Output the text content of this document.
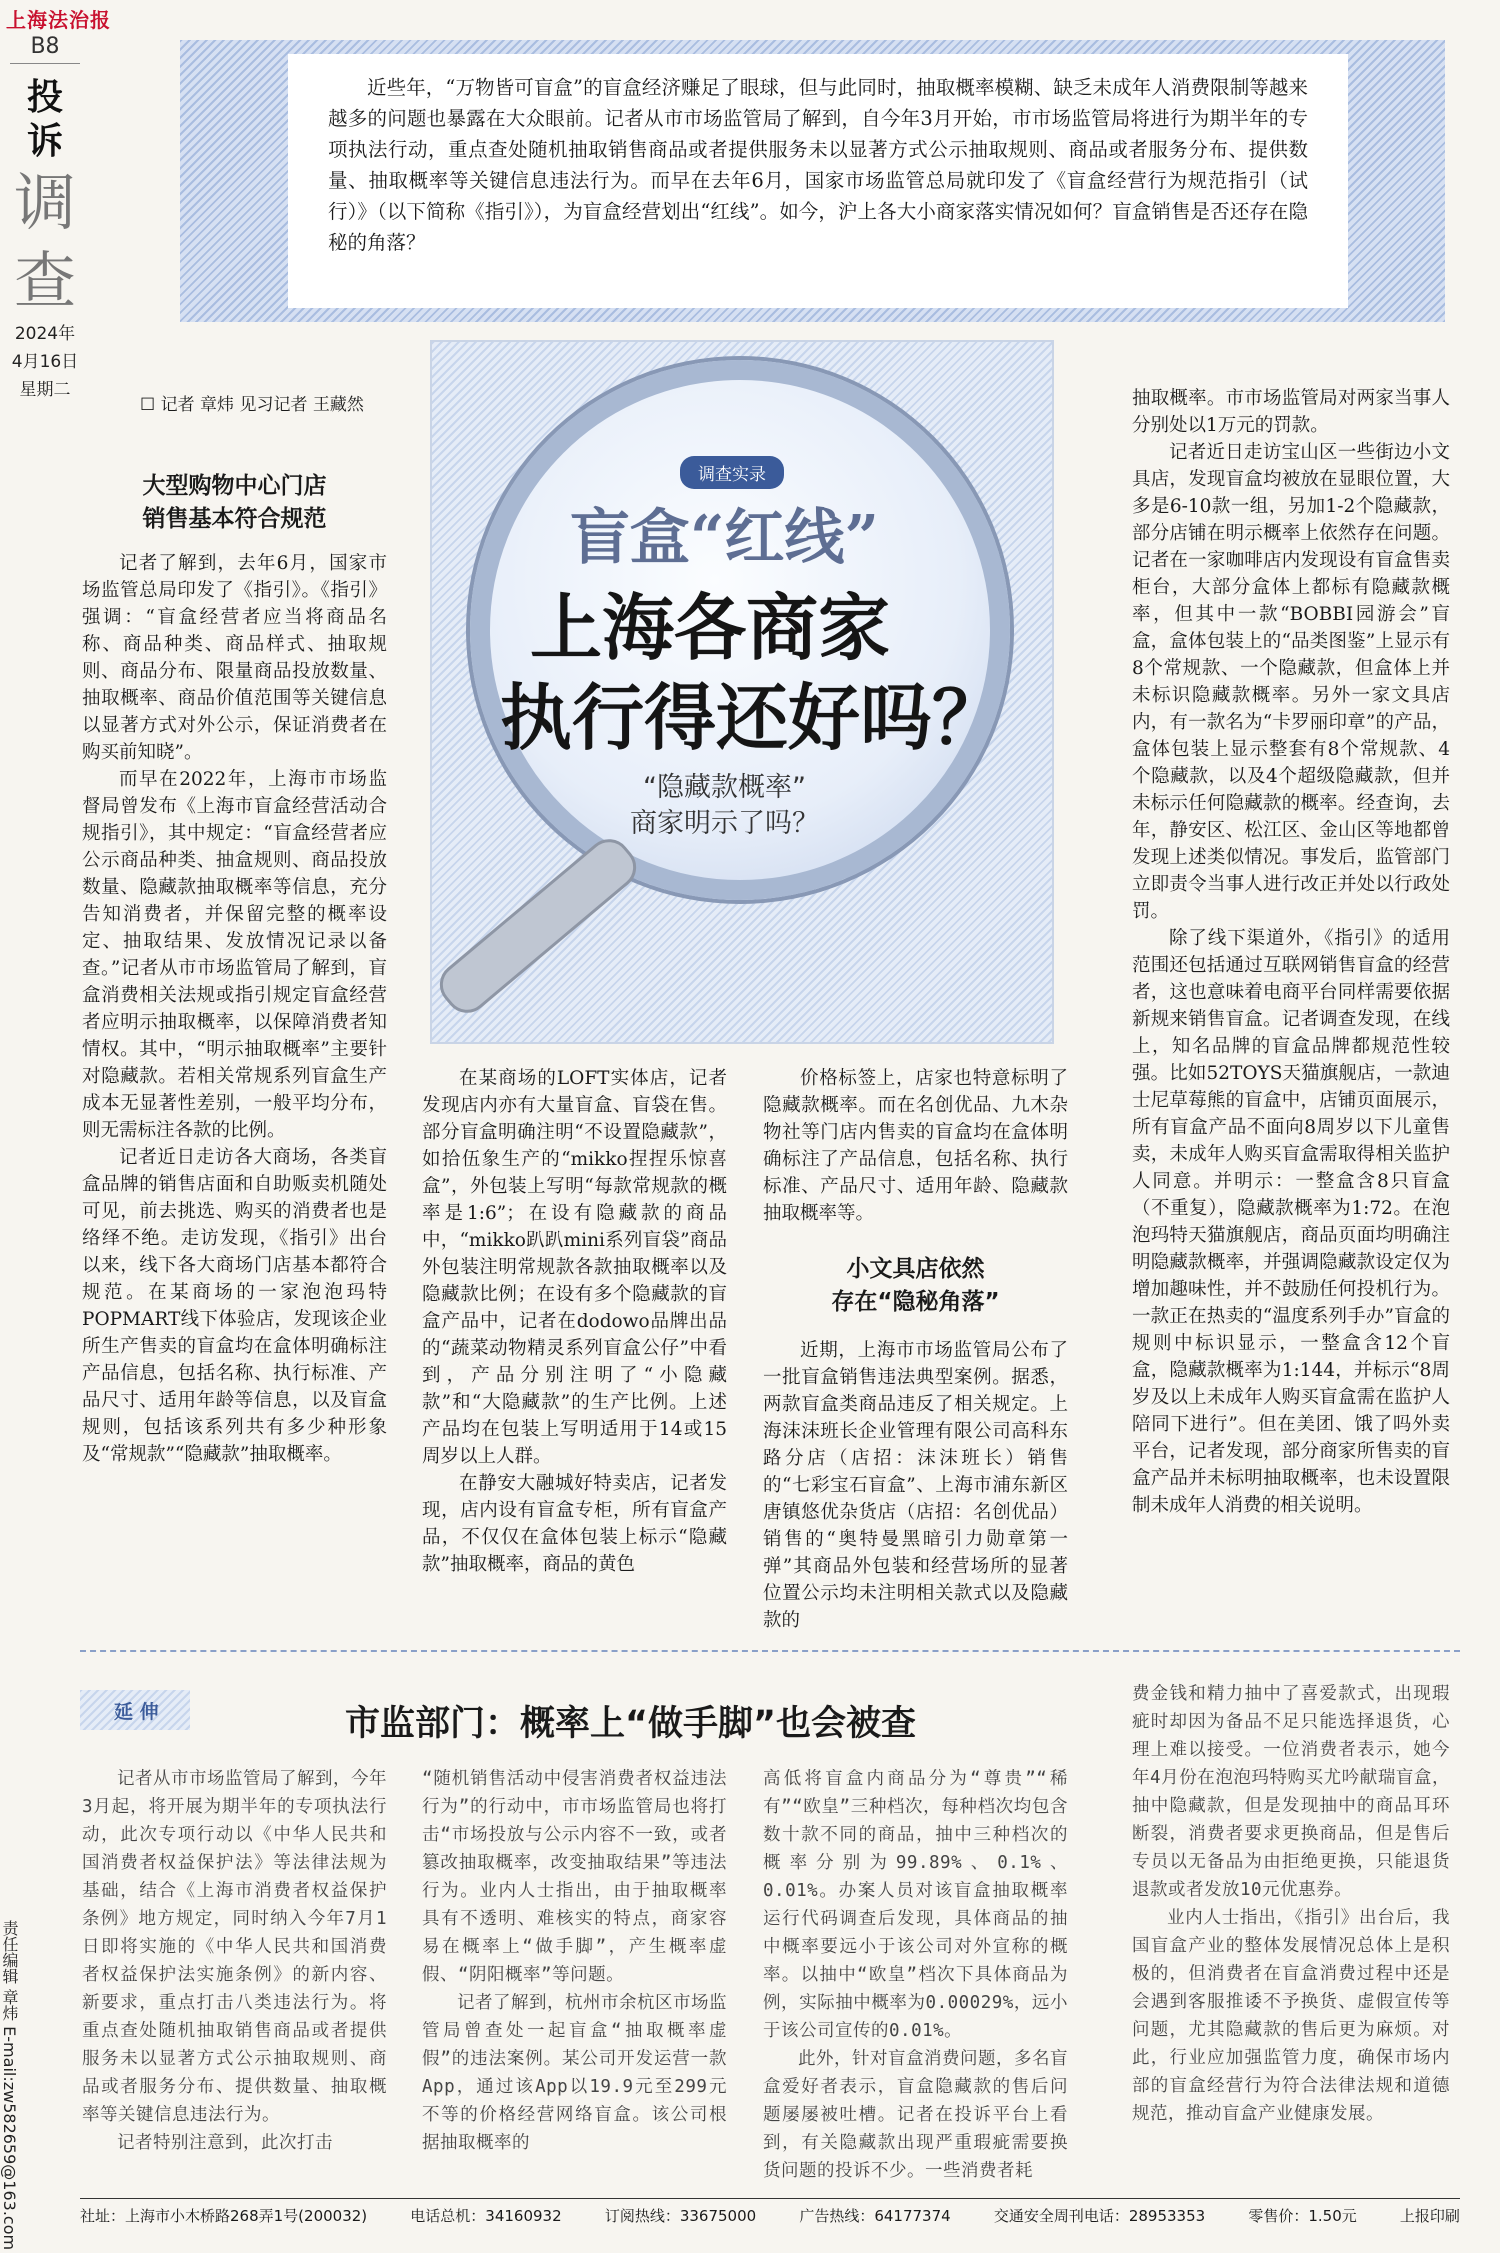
上海法治报
B8
投诉
调查
2024年
4月16日
星期二
责任编辑 章炜 E-mail:zw582659@163.com
近些年，“万物皆可盲盒”的盲盒经济赚足了眼球，但与此同时，抽取概率模糊、缺乏未成年人消费限制等越来越多的问题也暴露在大众眼前。记者从市市场监管局了解到，自今年3月开始，市市场监管局将进行为期半年的专项执法行动，重点查处随机抽取销售商品或者提供服务未以显著方式公示抽取规则、商品或者服务分布、提供数量、抽取概率等关键信息违法行为。而早在去年6月，国家市场监管总局就印发了《盲盒经营行为规范指引（试行）》（以下简称《指引》），为盲盒经营划出“红线”。如今，沪上各大小商家落实情况如何？盲盒销售是否还存在隐秘的角落？
☐ 记者 章炜 见习记者 王藏然
调查实录
盲盒“红线”
上海各商家
执行得还好吗？
“隐藏款概率”
商家明示了吗？
大型购物中心门店
销售基本符合规范

记者了解到，去年6月，国家市场监管总局印发了《指引》。《指引》强调：“盲盒经营者应当将商品名称、商品种类、商品样式、抽取规则、商品分布、限量商品投放数量、抽取概率、商品价值范围等关键信息以显著方式对外公示，保证消费者在购买前知晓”。

而早在2022年，上海市市场监督局曾发布《上海市盲盒经营活动合规指引》，其中规定：“盲盒经营者应公示商品种类、抽盒规则、商品投放数量、隐藏款抽取概率等信息，充分告知消费者，并保留完整的概率设定、抽取结果、发放情况记录以备查。”记者从市市场监管局了解到，盲盒消费相关法规或指引规定盲盒经营者应明示抽取概率，以保障消费者知情权。其中，“明示抽取概率”主要针对隐藏款。若相关常规系列盲盒生产成本无显著性差别，一般平均分布，则无需标注各款的比例。

记者近日走访各大商场，各类盲盒品牌的销售店面和自助贩卖机随处可见，前去挑选、购买的消费者也是络绎不绝。走访发现，《指引》出台以来，线下各大商场门店基本都符合规范。在某商场的一家泡泡玛特POPMART线下体验店，发现该企业所生产售卖的盲盒均在盒体明确标注产品信息，包括名称、执行标准、产品尺寸、适用年龄等信息，以及盲盒规则，包括该系列共有多少种形象及“常规款”“隐藏款”抽取概率。

在某商场的LOFT实体店，记者发现店内亦有大量盲盒、盲袋在售。部分盲盒明确注明“不设置隐藏款”，如拾伍象生产的“mikko捏捏乐惊喜盒”，外包装上写明“每款常规款的概率是1:6”；在设有隐藏款的商品中，“mikko趴趴mini系列盲袋”商品外包装注明常规款各款抽取概率以及隐藏款比例；在设有多个隐藏款的盲盒产品中，记者在dodowo品牌出品的“蔬菜动物精灵系列盲盒公仔”中看到，产品分别注明了“小隐藏款”和“大隐藏款”的生产比例。上述产品均在包装上写明适用于14或15周岁以上人群。

在静安大融城好特卖店，记者发现，店内设有盲盒专柜，所有盲盒产品，不仅仅在盒体包装上标示“隐藏款”抽取概率，商品的黄色

价格标签上，店家也特意标明了隐藏款概率。而在名创优品、九木杂物社等门店内售卖的盲盒均在盒体明确标注了产品信息，包括名称、执行标准、产品尺寸、适用年龄、隐藏款抽取概率等。

小文具店依然
存在“隐秘角落”

近期，上海市市场监管局公布了一批盲盒销售违法典型案例。据悉，两款盲盒类商品违反了相关规定。上海沫沫班长企业管理有限公司高科东路分店（店招：沫沫班长）销售的“七彩宝石盲盒”、上海市浦东新区唐镇悠优杂货店（店招：名创优品）销售的“奥特曼黑暗引力勋章第一弹”其商品外包装和经营场所的显著位置公示均未注明相关款式以及隐藏款的

抽取概率。市市场监管局对两家当事人分别处以1万元的罚款。

记者近日走访宝山区一些街边小文具店，发现盲盒均被放在显眼位置，大多是6-10款一组，另加1-2个隐藏款，部分店铺在明示概率上依然存在问题。记者在一家咖啡店内发现设有盲盒售卖柜台，大部分盒体上都标有隐藏款概率，但其中一款“BOBBI园游会”盲盒，盒体包装上的“品类图鉴”上显示有8个常规款、一个隐藏款，但盒体上并未标识隐藏款概率。另外一家文具店内，有一款名为“卡罗丽印章”的产品，盒体包装上显示整套有8个常规款、4个隐藏款，以及4个超级隐藏款，但并未标示任何隐藏款的概率。经查询，去年，静安区、松江区、金山区等地都曾发现上述类似情况。事发后，监管部门立即责令当事人进行改正并处以行政处罚。

除了线下渠道外，《指引》的适用范围还包括通过互联网销售盲盒的经营者，这也意味着电商平台同样需要依据新规来销售盲盒。记者调查发现，在线上，知名品牌的盲盒品牌都规范性较强。比如52TOYS天猫旗舰店，一款迪士尼草莓熊的盲盒中，店铺页面展示，所有盲盒产品不面向8周岁以下儿童售卖，未成年人购买盲盒需取得相关监护人同意。并明示：一整盒含8只盲盒（不重复），隐藏款概率为1:72。在泡泡玛特天猫旗舰店，商品页面均明确注明隐藏款概率，并强调隐藏款设定仅为增加趣味性，并不鼓励任何投机行为。一款正在热卖的“温度系列手办”盲盒的规则中标识显示，一整盒含12个盲盒，隐藏款概率为1:144，并标示“8周岁及以上未成年人购买盲盒需在监护人陪同下进行”。但在美团、饿了吗外卖平台，记者发现，部分商家所售卖的盲盒产品并未标明抽取概率，也未设置限制未成年人消费的相关说明。

延 伸	市监部门：概率上“做手脚”也会被查

记者从市市场监管局了解到，今年3月起，将开展为期半年的专项执法行动，此次专项行动以《中华人民共和国消费者权益保护法》等法律法规为基础，结合《上海市消费者权益保护条例》地方规定，同时纳入今年7月1日即将实施的《中华人民共和国消费者权益保护法实施条例》的新内容、新要求，重点打击八类违法行为。将重点查处随机抽取销售商品或者提供服务未以显著方式公示抽取规则、商品或者服务分布、提供数量、抽取概率等关键信息违法行为。

记者特别注意到，此次打击

“随机销售活动中侵害消费者权益违法行为”的行动中，市市场监管局也将打击“市场投放与公示内容不一致，或者篡改抽取概率，改变抽取结果”等违法行为。业内人士指出，由于抽取概率具有不透明、难核实的特点，商家容易在概率上“做手脚”，产生概率虚假、“阴阳概率”等问题。

记者了解到，杭州市余杭区市场监管局曾查处一起盲盒“抽取概率虚假”的违法案例。某公司开发运营一款App，通过该App以19.9元至299元不等的价格经营网络盲盒。该公司根据抽取概率的

高低将盲盒内商品分为“尊贵”“稀有”“欧皇”三种档次，每种档次均包含数十款不同的商品，抽中三种档次的概率分别为99.89%、0.1%、0.01%。办案人员对该盲盒抽取概率运行代码调查后发现，具体商品的抽中概率要远小于该公司对外宣称的概率。以抽中“欧皇”档次下具体商品为例，实际抽中概率为0.00029%，远小于该公司宣传的0.01%。

此外，针对盲盒消费问题，多名盲盒爱好者表示，盲盒隐藏款的售后问题屡屡被吐槽。记者在投诉平台上看到，有关隐藏款出现严重瑕疵需要换货问题的投诉不少。一些消费者耗

费金钱和精力抽中了喜爱款式，出现瑕疵时却因为备品不足只能选择退货，心理上难以接受。一位消费者表示，她今年4月份在泡泡玛特购买尤吟献瑞盲盒，抽中隐藏款，但是发现抽中的商品耳环断裂，消费者要求更换商品，但是售后专员以无备品为由拒绝更换，只能退货退款或者发放10元优惠券。

业内人士指出，《指引》出台后，我国盲盒产业的整体发展情况总体上是积极的，但消费者在盲盒消费过程中还是会遇到客服推诿不予换货、虚假宣传等问题，尤其隐藏款的售后更为麻烦。对此，行业应加强监管力度，确保市场内部的盲盒经营行为符合法律法规和道德规范，推动盲盒产业健康发展。

社址：上海市小木桥路268弄1号(200032)	电话总机：34160932	订阅热线：33675000	广告热线：64177374	交通安全周刊电话：28953353	零售价：1.50元	上报印刷
